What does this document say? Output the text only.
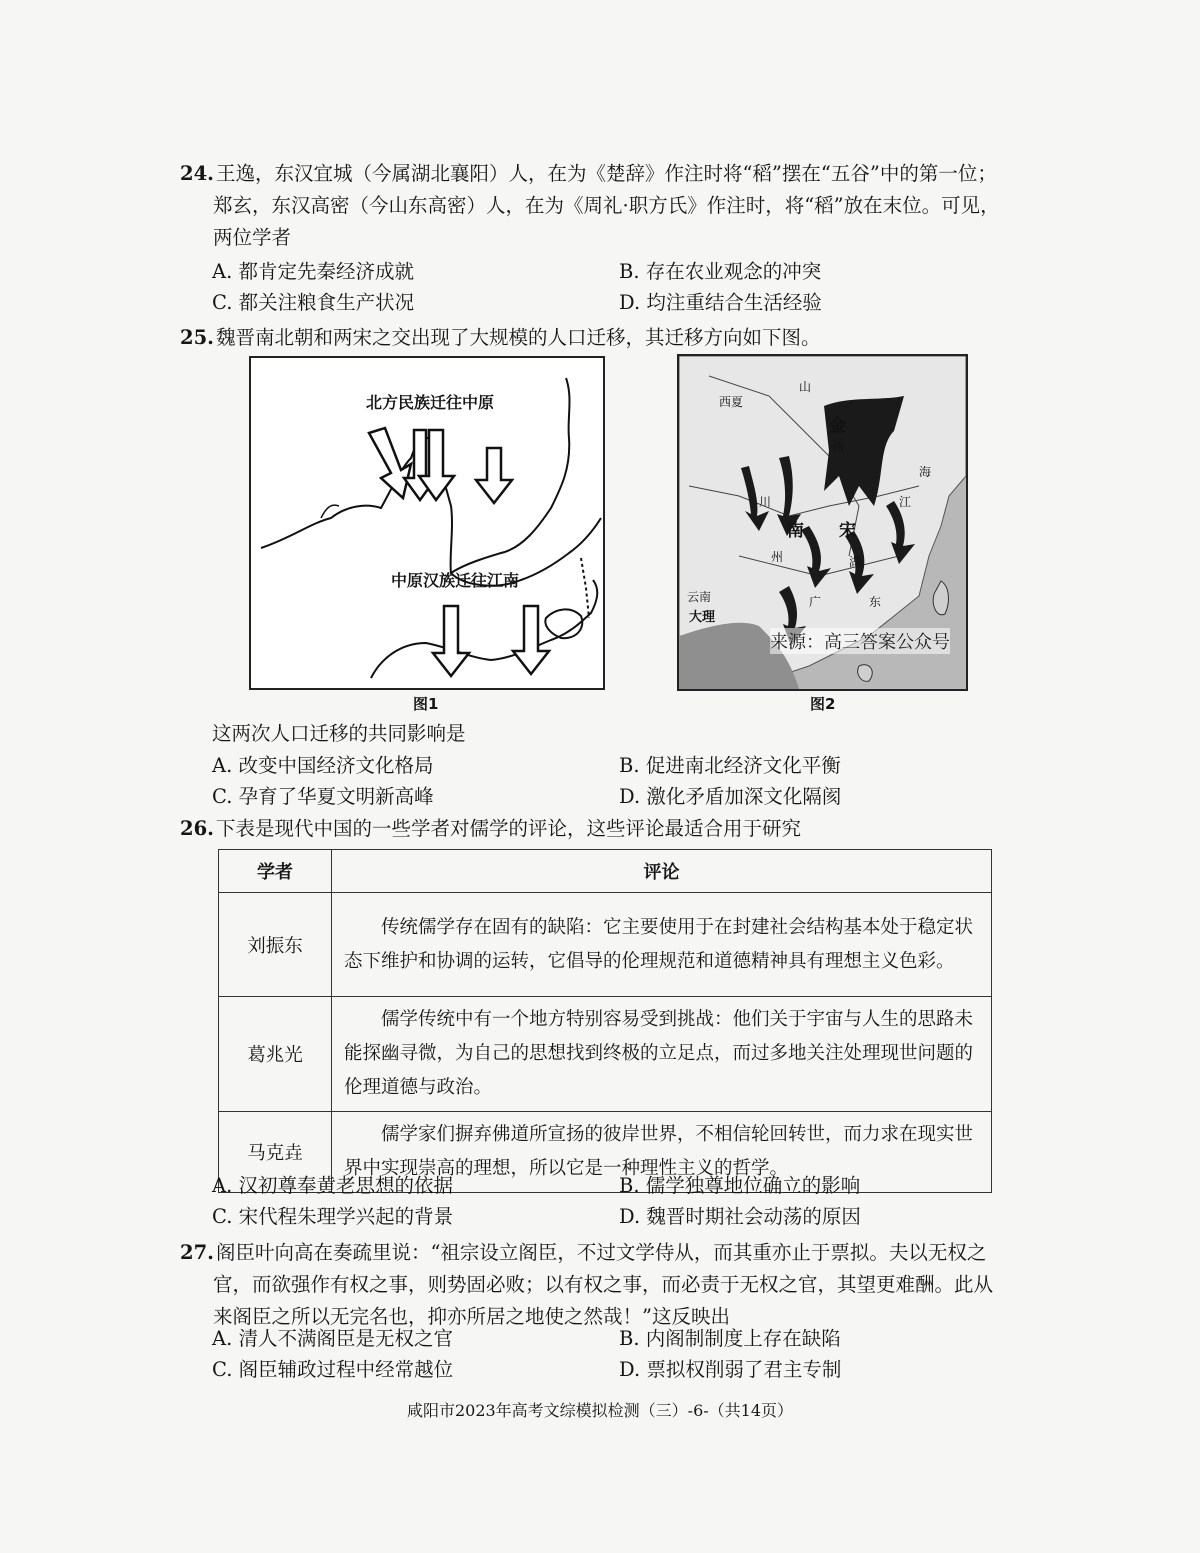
24. 王逸，东汉宜城（今属湖北襄阳）人，在为《楚辞》作注时将“稻”摆在“五谷”中的第一位；郑玄，东汉高密（今山东高密）人，在为《周礼·职方氏》作注时，将“稻”放在末位。可见，两位学者
A. 都肯定先秦经济成就	B. 存在农业观念的冲突
C. 都关注粮食生产状况	D. 均注重结合生活经验
25. 魏晋南北朝和两宋之交出现了大规模的人口迁移，其迁移方向如下图。
北方民族迁往中原
中原汉族迁往江南
图1
西夏
金
西
宋
南
川
云南
大理
江
湖
海
东
广
山
州
来源：高三答案公众号
图2
这两次人口迁移的共同影响是
A. 改变中国经济文化格局	B. 促进南北经济文化平衡
C. 孕育了华夏文明新高峰	D. 激化矛盾加深文化隔阂
26. 下表是现代中国的一些学者对儒学的评论，这些评论最适合用于研究
学者	评论
刘振东	传统儒学存在固有的缺陷：它主要使用于在封建社会结构基本处于稳定状态下维护和协调的运转，它倡导的伦理规范和道德精神具有理想主义色彩。
葛兆光	儒学传统中有一个地方特别容易受到挑战：他们关于宇宙与人生的思路未能探幽寻微，为自己的思想找到终极的立足点，而过多地关注处理现世问题的伦理道德与政治。
马克垚	儒学家们摒弃佛道所宣扬的彼岸世界，不相信轮回转世，而力求在现实世界中实现崇高的理想，所以它是一种理性主义的哲学。
A. 汉初尊奉黄老思想的依据	B. 儒学独尊地位确立的影响
C. 宋代程朱理学兴起的背景	D. 魏晋时期社会动荡的原因
27. 阁臣叶向高在奏疏里说：“祖宗设立阁臣，不过文学侍从，而其重亦止于票拟。夫以无权之官，而欲强作有权之事，则势固必败；以有权之事，而必责于无权之官，其望更难酬。此从来阁臣之所以无完名也，抑亦所居之地使之然哉！”这反映出
A. 清人不满阁臣是无权之官	B. 内阁制制度上存在缺陷
C. 阁臣辅政过程中经常越位	D. 票拟权削弱了君主专制
咸阳市2023年高考文综模拟检测（三）-6-（共14页）
